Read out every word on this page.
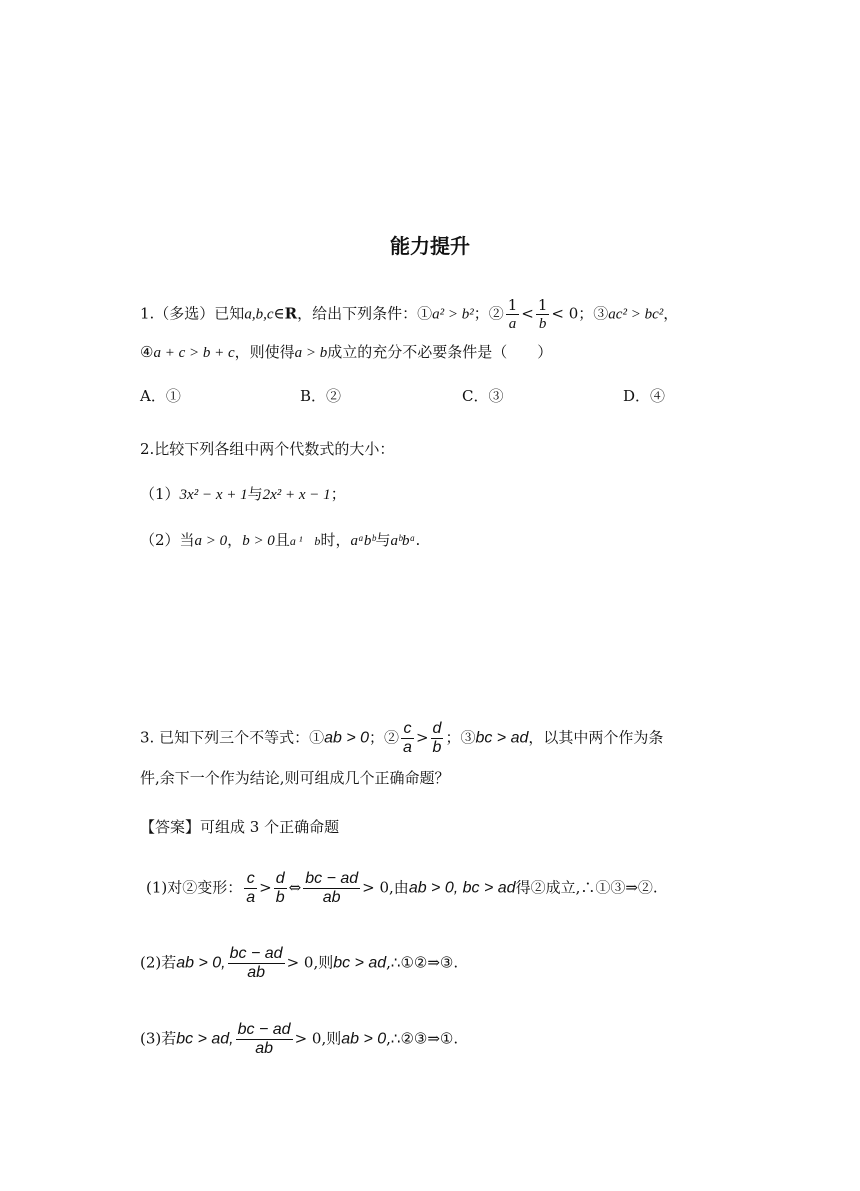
能力提升
1.（多选）已知a,b,c∈R，给出下列条件：①a² > b²；② $\frac{1}{a} < \frac{1}{b} < 0$；③ac² > bc²，
④a + c > b + c，则使得a > b成立的充分不必要条件是（　　）
A．①	B．②	C．③	D．④
2.比较下列各组中两个代数式的大小：
（1）3x² − x + 1与2x² + x − 1；
（2）当a > 0，b > 0且a ¹　b时，aᵃbᵇ与aᵇbᵃ.
3. 已知下列三个不等式：①ab > 0；② $\frac{c}{a} > \frac{d}{b}$ ；③bc > ad，以其中两个作为条
件,余下一个作为结论,则可组成几个正确命题？
【答案】可组成 3 个正确命题
(1)对②变形： $\frac{c}{a} > \frac{d}{b}$ ⇔ $\frac{bc - ad}{ab} > 0$,由ab > 0, bc > ad得②成立,∴①③⇒②.
(2)若ab > 0, $\frac{bc - ad}{ab} > 0$,则bc > ad,∴①②⇒③.
(3)若bc > ad, $\frac{bc - ad}{ab} > 0$,则ab > 0,∴②③⇒①.
